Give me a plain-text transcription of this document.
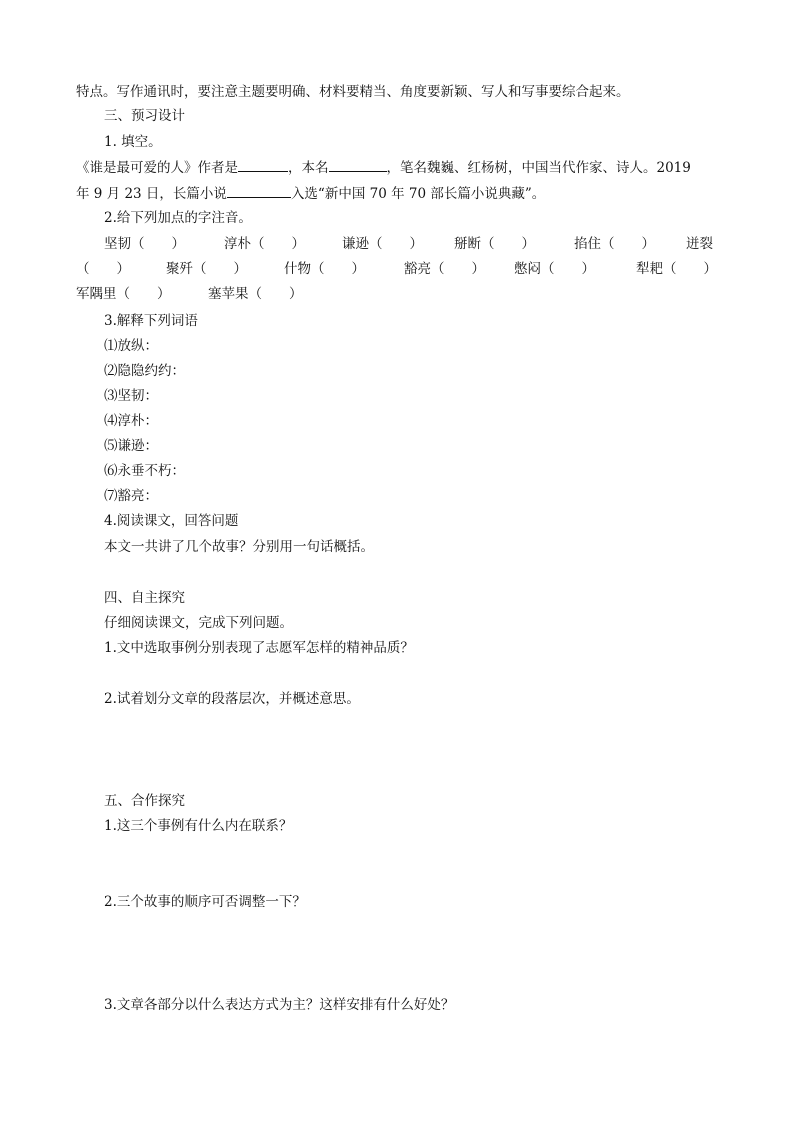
特点。写作通讯时，要注意主题要明确、材料要精当、角度要新颖、写人和写事要综合起来。
三、预习设计
1. 填空。
《谁是最可爱的人》作者是	，本名	，笔名魏巍、红杨树，中国当代作家、诗人。2019
年 9 月 23 日，长篇小说	入选“新中国 70 年 70 部长篇小说典藏”。
2.给下列加点的字注音。
坚韧（　　）	淳朴（　　）	谦逊（　　） 掰断（　　）	掐住（　　） 迸裂
（　　）	聚歼（　　）	什物（　　）	豁亮（　　） 憋闷（　　）	犁耙（　　）
军隅里（　　）	塞苹果（　　）
3.解释下列词语
⑴放纵：
⑵隐隐约约：
⑶坚韧：
⑷淳朴：
⑸谦逊：
⑹永垂不朽：
⑺豁亮：
4.阅读课文，回答问题
本文一共讲了几个故事？分别用一句话概括。
四、自主探究
仔细阅读课文，完成下列问题。
1.文中选取事例分别表现了志愿军怎样的精神品质？
2.试着划分文章的段落层次，并概述意思。
五、合作探究
1.这三个事例有什么内在联系？
2.三个故事的顺序可否调整一下？
3.文章各部分以什么表达方式为主？这样安排有什么好处？
